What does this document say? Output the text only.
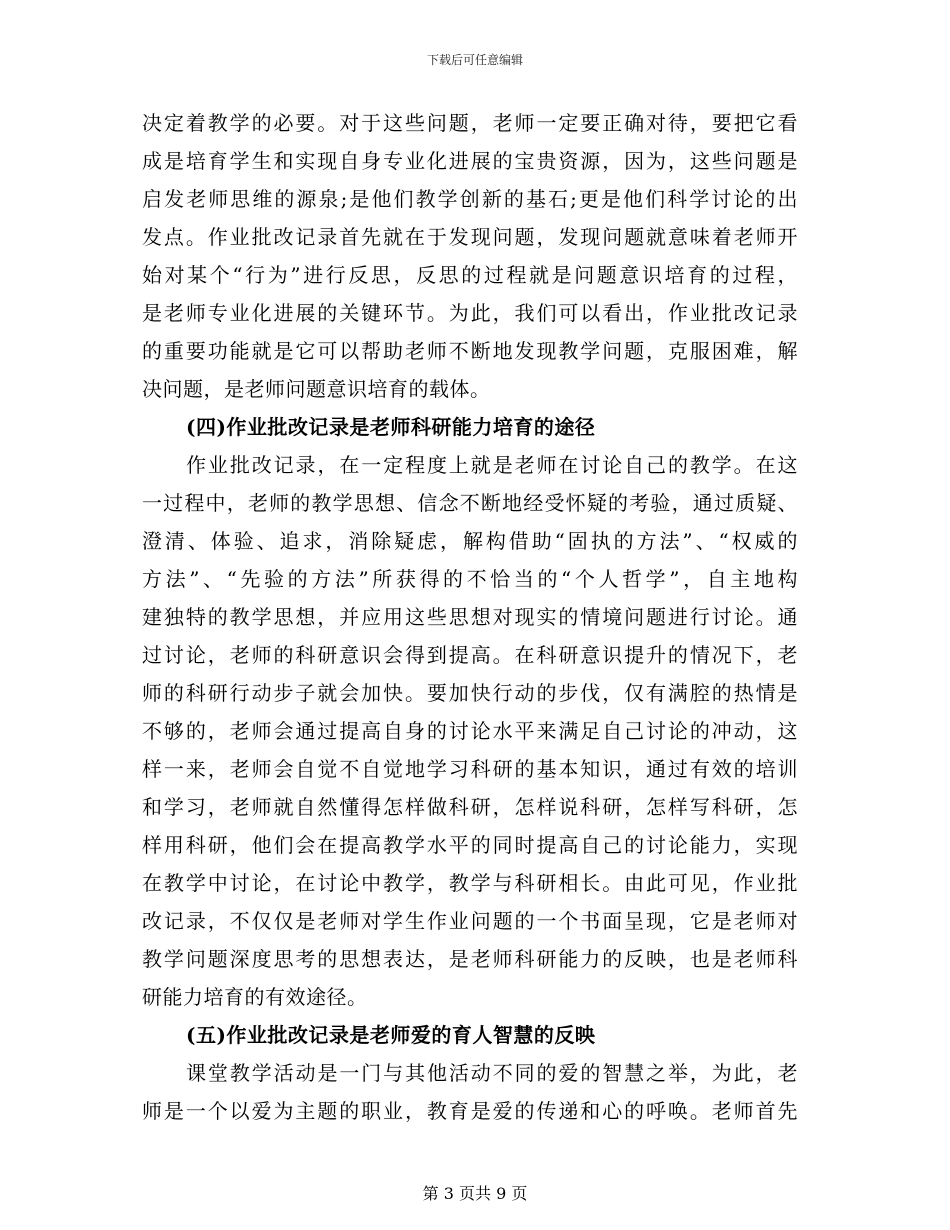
下载后可任意编辑
决定着教学的必要。对于这些问题，老师一定要正确对待，要把它看
成是培育学生和实现自身专业化进展的宝贵资源，因为，这些问题是
启发老师思维的源泉;是他们教学创新的基石;更是他们科学讨论的出
发点。作业批改记录首先就在于发现问题，发现问题就意味着老师开
始对某个“行为”进行反思，反思的过程就是问题意识培育的过程，
是老师专业化进展的关键环节。为此，我们可以看出，作业批改记录
的重要功能就是它可以帮助老师不断地发现教学问题，克服困难，解
决问题，是老师问题意识培育的载体。
(四)作业批改记录是老师科研能力培育的途径
作业批改记录，在一定程度上就是老师在讨论自己的教学。在这
一过程中，老师的教学思想、信念不断地经受怀疑的考验，通过质疑、
澄清、体验、追求，消除疑虑，解构借助“固执的方法”、“权威的
方法”、“先验的方法”所获得的不恰当的“个人哲学”，自主地构
建独特的教学思想，并应用这些思想对现实的情境问题进行讨论。通
过讨论，老师的科研意识会得到提高。在科研意识提升的情况下，老
师的科研行动步子就会加快。要加快行动的步伐，仅有满腔的热情是
不够的，老师会通过提高自身的讨论水平来满足自己讨论的冲动，这
样一来，老师会自觉不自觉地学习科研的基本知识，通过有效的培训
和学习，老师就自然懂得怎样做科研，怎样说科研，怎样写科研，怎
样用科研，他们会在提高教学水平的同时提高自己的讨论能力，实现
在教学中讨论，在讨论中教学，教学与科研相长。由此可见，作业批
改记录，不仅仅是老师对学生作业问题的一个书面呈现，它是老师对
教学问题深度思考的思想表达，是老师科研能力的反映，也是老师科
研能力培育的有效途径。
(五)作业批改记录是老师爱的育人智慧的反映
课堂教学活动是一门与其他活动不同的爱的智慧之举，为此，老
师是一个以爱为主题的职业，教育是爱的传递和心的呼唤。老师首先
第 3 页共 9 页
